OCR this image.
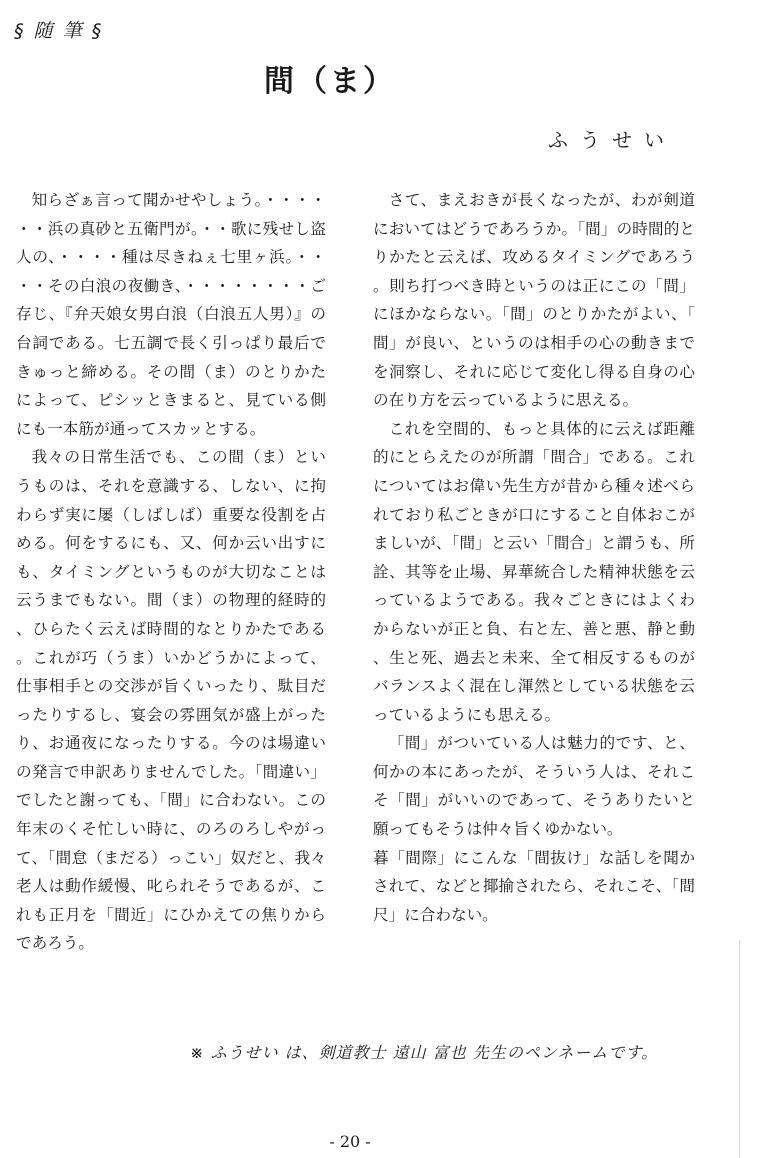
§ 随 筆 §
間（ま）
ふうせい

知らざぁ言って聞かせやしょう。・・・・・・浜の真砂と五衛門が。・・歌に残せし盗人の、・・・・種は尽きねぇ七里ヶ浜。・・・・その白浪の夜働き、・・・・・・・・ご存じ、『弁天娘女男白浪（白浪五人男）』の台詞である。七五調で長く引っぱり最后できゅっと締める。その間（ま）のとりかたによって、ピシッときまると、見ている側にも一本筋が通ってスカッとする。

我々の日常生活でも、この間（ま）というものは、それを意識する、しない、に拘わらず実に屡（しばしば）重要な役割を占める。何をするにも、又、何か云い出すにも、タイミングというものが大切なことは云うまでもない。間（ま）の物理的経時的、ひらたく云えば時間的なとりかたである。これが巧（うま）いかどうかによって、仕事相手との交渉が旨くいったり、駄目だったりするし、宴会の雰囲気が盛上がったり、お通夜になったりする。今のは場違いの発言で申訳ありませんでした。「間違い」でしたと謝っても、「間」に合わない。この年末のくそ忙しい時に、のろのろしやがって、「間怠（まだる）っこい」奴だと、我々老人は動作緩慢、叱られそうであるが、これも正月を「間近」にひかえての焦りからであろう。

さて、まえおきが長くなったが、わが剣道においてはどうであろうか。「間」の時間的とりかたと云えば、攻めるタイミングであろう。則ち打つべき時というのは正にこの「間」にほかならない。「間」のとりかたがよい、「間」が良い、というのは相手の心の動きまでを洞察し、それに応じて変化し得る自身の心の在り方を云っているように思える。

これを空間的、もっと具体的に云えば距離的にとらえたのが所謂「間合」である。これについてはお偉い先生方が昔から種々述べられており私ごときが口にすること自体おこがましいが、「間」と云い「間合」と謂うも、所詮、其等を止場、昇華統合した精神状態を云っているようである。我々ごときにはよくわからないが正と負、右と左、善と悪、静と動、生と死、過去と未来、全て相反するものがバランスよく混在し渾然としている状態を云っているようにも思える。

「間」がついている人は魅力的です、と、何かの本にあったが、そういう人は、それこそ「間」がいいのであって、そうありたいと願ってもそうは仲々旨くゆかない。

暮「間際」にこんな「間抜け」な話しを聞かされて、などと揶揄されたら、それこそ、「間尺」に合わない。

※ ふうせい は、剣道教士 遠山 富也 先生のペンネームです。
- 20 -
